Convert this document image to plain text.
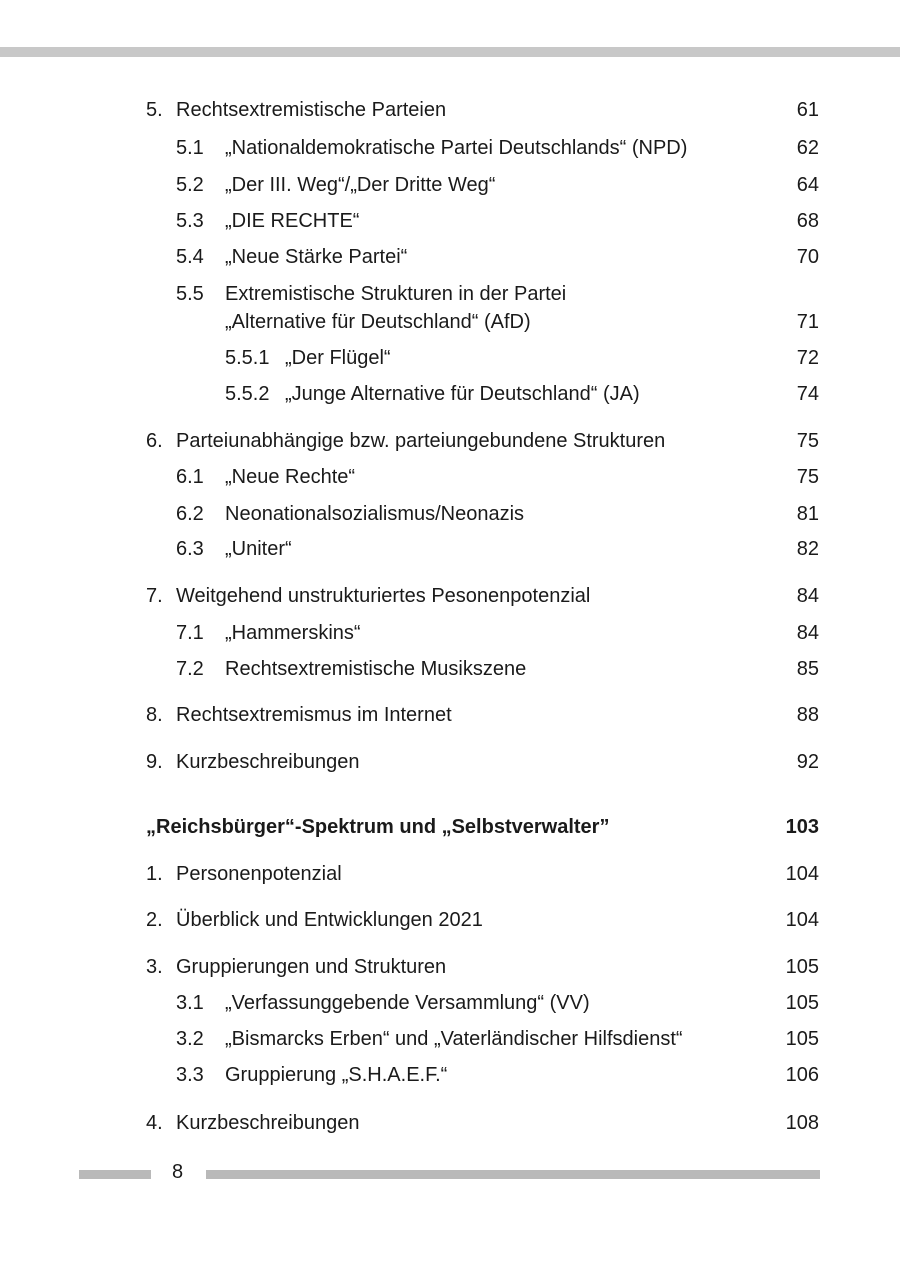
5. Rechtsextremistische Parteien	61
5.1 „Nationaldemokratische Partei Deutschlands“ (NPD)	62
5.2 „Der III. Weg“/„Der Dritte Weg“	64
5.3 „DIE RECHTE“	68
5.4 „Neue Stärke Partei“	70
5.5 Extremistische Strukturen in der Partei
„Alternative für Deutschland“ (AfD)	71
5.5.1 „Der Flügel“	72
5.5.2 „Junge Alternative für Deutschland“ (JA)	74
6. Parteiunabhängige bzw. parteiungebundene Strukturen	75
6.1 „Neue Rechte“	75
6.2 Neonationalsozialismus/Neonazis	81
6.3 „Uniter“	82
7. Weitgehend unstrukturiertes Pesonenpotenzial	84
7.1 „Hammerskins“	84
7.2 Rechtsextremistische Musikszene	85
8. Rechtsextremismus im Internet	88
9. Kurzbeschreibungen	92
„Reichsbürger“-Spektrum und „Selbstverwalter”	103
1. Personenpotenzial	104
2. Überblick und Entwicklungen 2021	104
3. Gruppierungen und Strukturen	105
3.1 „Verfassunggebende Versammlung“ (VV)	105
3.2 „Bismarcks Erben“ und „Vaterländischer Hilfsdienst“	105
3.3 Gruppierung „S.H.A.E.F.“	106
4. Kurzbeschreibungen	108
8
